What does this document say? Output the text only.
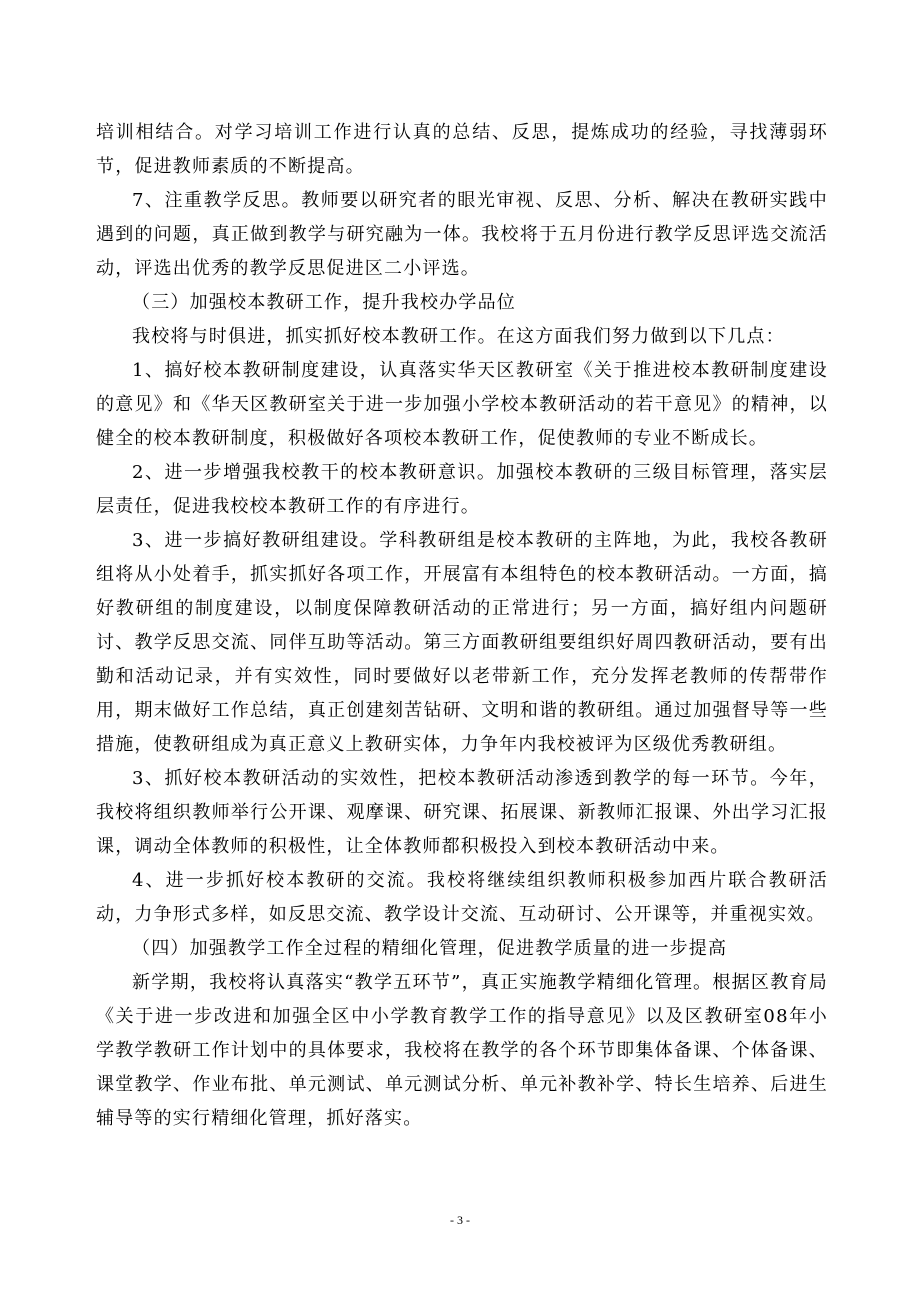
培训相结合。对学习培训工作进行认真的总结、反思，提炼成功的经验，寻找薄弱环节，促进教师素质的不断提高。

7、注重教学反思。教师要以研究者的眼光审视、反思、分析、解决在教研实践中遇到的问题，真正做到教学与研究融为一体。我校将于五月份进行教学反思评选交流活动，评选出优秀的教学反思促进区二小评选。

（三）加强校本教研工作，提升我校办学品位

我校将与时俱进，抓实抓好校本教研工作。在这方面我们努力做到以下几点：

1、搞好校本教研制度建设，认真落实华天区教研室《关于推进校本教研制度建设的意见》和《华天区教研室关于进一步加强小学校本教研活动的若干意见》的精神，以健全的校本教研制度，积极做好各项校本教研工作，促使教师的专业不断成长。

2、进一步增强我校教干的校本教研意识。加强校本教研的三级目标管理，落实层层责任，促进我校校本教研工作的有序进行。

3、进一步搞好教研组建设。学科教研组是校本教研的主阵地，为此，我校各教研组将从小处着手，抓实抓好各项工作，开展富有本组特色的校本教研活动。一方面，搞好教研组的制度建设，以制度保障教研活动的正常进行；另一方面，搞好组内问题研讨、教学反思交流、同伴互助等活动。第三方面教研组要组织好周四教研活动，要有出勤和活动记录，并有实效性，同时要做好以老带新工作，充分发挥老教师的传帮带作用，期末做好工作总结，真正创建刻苦钻研、文明和谐的教研组。通过加强督导等一些措施，使教研组成为真正意义上教研实体，力争年内我校被评为区级优秀教研组。

3、抓好校本教研活动的实效性，把校本教研活动渗透到教学的每一环节。今年，我校将组织教师举行公开课、观摩课、研究课、拓展课、新教师汇报课、外出学习汇报课，调动全体教师的积极性，让全体教师都积极投入到校本教研活动中来。

4、进一步抓好校本教研的交流。我校将继续组织教师积极参加西片联合教研活动，力争形式多样，如反思交流、教学设计交流、互动研讨、公开课等，并重视实效。

（四）加强教学工作全过程的精细化管理，促进教学质量的进一步提高

新学期，我校将认真落实“教学五环节”，真正实施教学精细化管理。根据区教育局《关于进一步改进和加强全区中小学教育教学工作的指导意见》以及区教研室08年小学教学教研工作计划中的具体要求，我校将在教学的各个环节即集体备课、个体备课、课堂教学、作业布批、单元测试、单元测试分析、单元补教补学、特长生培养、后进生辅导等的实行精细化管理，抓好落实。

- 3 -
